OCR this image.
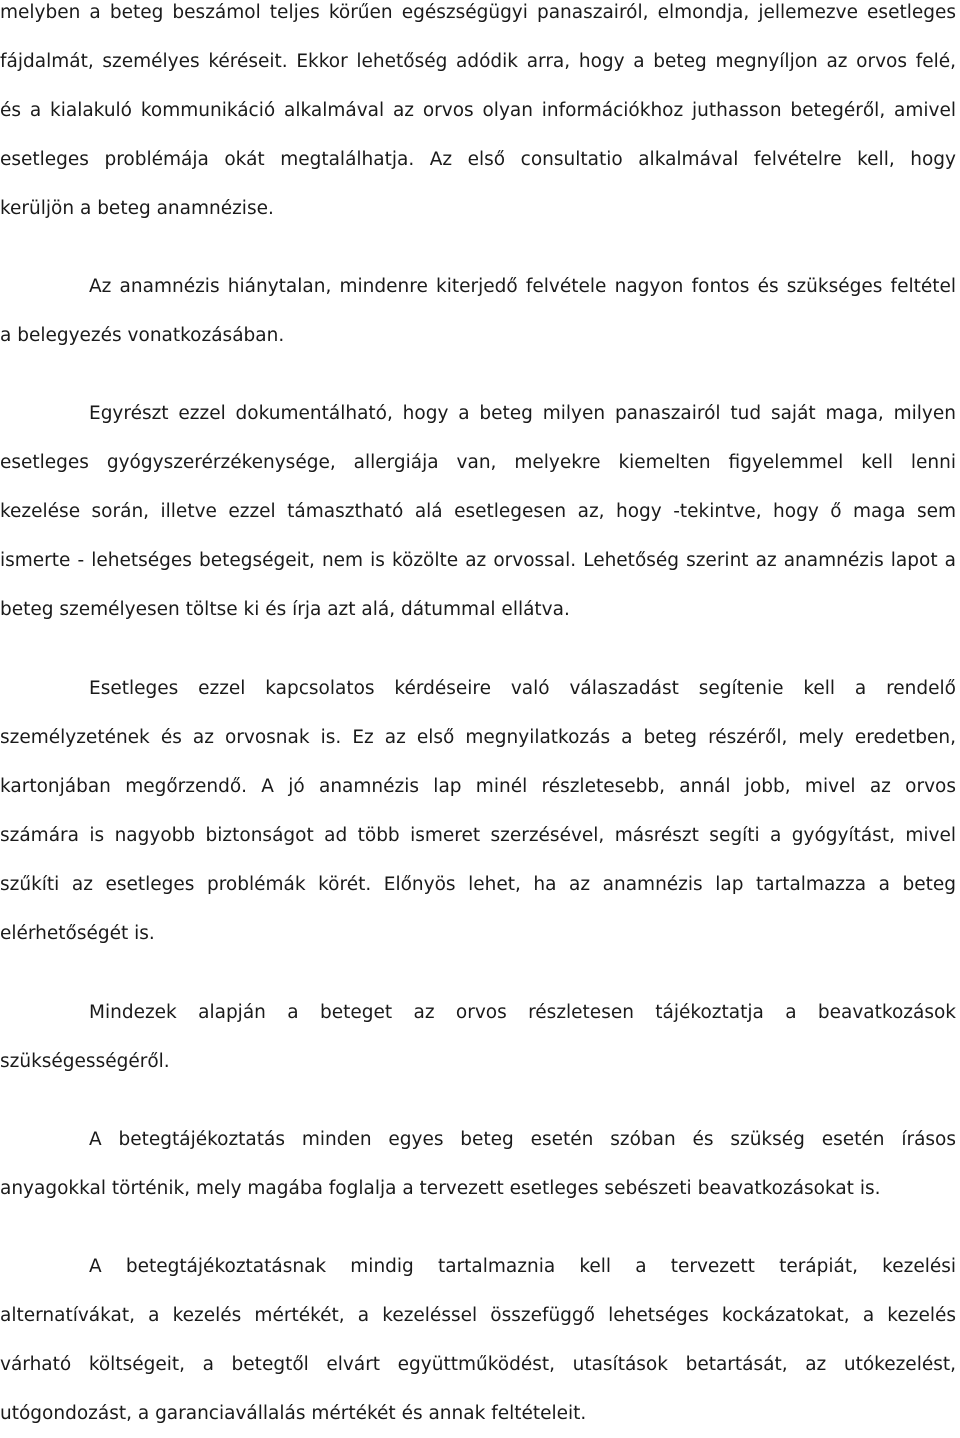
melyben a beteg beszámol teljes körűen egészségügyi panaszairól, elmondja, jellemezve esetleges
fájdalmát, személyes kéréseit. Ekkor lehetőség adódik arra, hogy a beteg megnyíljon az orvos felé,
és a kialakuló kommunikáció alkalmával az orvos olyan információkhoz juthasson betegéről, amivel
esetleges problémája okát megtalálhatja. Az első consultatio alkalmával felvételre kell, hogy
kerüljön a beteg anamnézise.
Az anamnézis hiánytalan, mindenre kiterjedő felvétele nagyon fontos és szükséges feltétel
a belegyezés vonatkozásában.
Egyrészt ezzel dokumentálható, hogy a beteg milyen panaszairól tud saját maga, milyen
esetleges gyógyszerérzékenysége, allergiája van, melyekre kiemelten figyelemmel kell lenni
kezelése során, illetve ezzel támasztható alá esetlegesen az, hogy -tekintve, hogy ő maga sem
ismerte - lehetséges betegségeit, nem is közölte az orvossal. Lehetőség szerint az anamnézis lapot a
beteg személyesen töltse ki és írja azt alá, dátummal ellátva.
Esetleges ezzel kapcsolatos kérdéseire való válaszadást segítenie kell a rendelő
személyzetének és az orvosnak is. Ez az első megnyilatkozás a beteg részéről, mely eredetben,
kartonjában megőrzendő. A jó anamnézis lap minél részletesebb, annál jobb, mivel az orvos
számára is nagyobb biztonságot ad több ismeret szerzésével, másrészt segíti a gyógyítást, mivel
szűkíti az esetleges problémák körét. Előnyös lehet, ha az anamnézis lap tartalmazza a beteg
elérhetőségét is.
Mindezek alapján a beteget az orvos részletesen tájékoztatja a beavatkozások
szükségességéről.
A betegtájékoztatás minden egyes beteg esetén szóban és szükség esetén írásos
anyagokkal történik, mely magába foglalja a tervezett esetleges sebészeti beavatkozásokat is.
A betegtájékoztatásnak mindig tartalmaznia kell a tervezett terápiát, kezelési
alternatívákat, a kezelés mértékét, a kezeléssel összefüggő lehetséges kockázatokat, a kezelés
várható költségeit, a betegtől elvárt együttműködést, utasítások betartását, az utókezelést,
utógondozást, a garanciavállalás mértékét és annak feltételeit.
